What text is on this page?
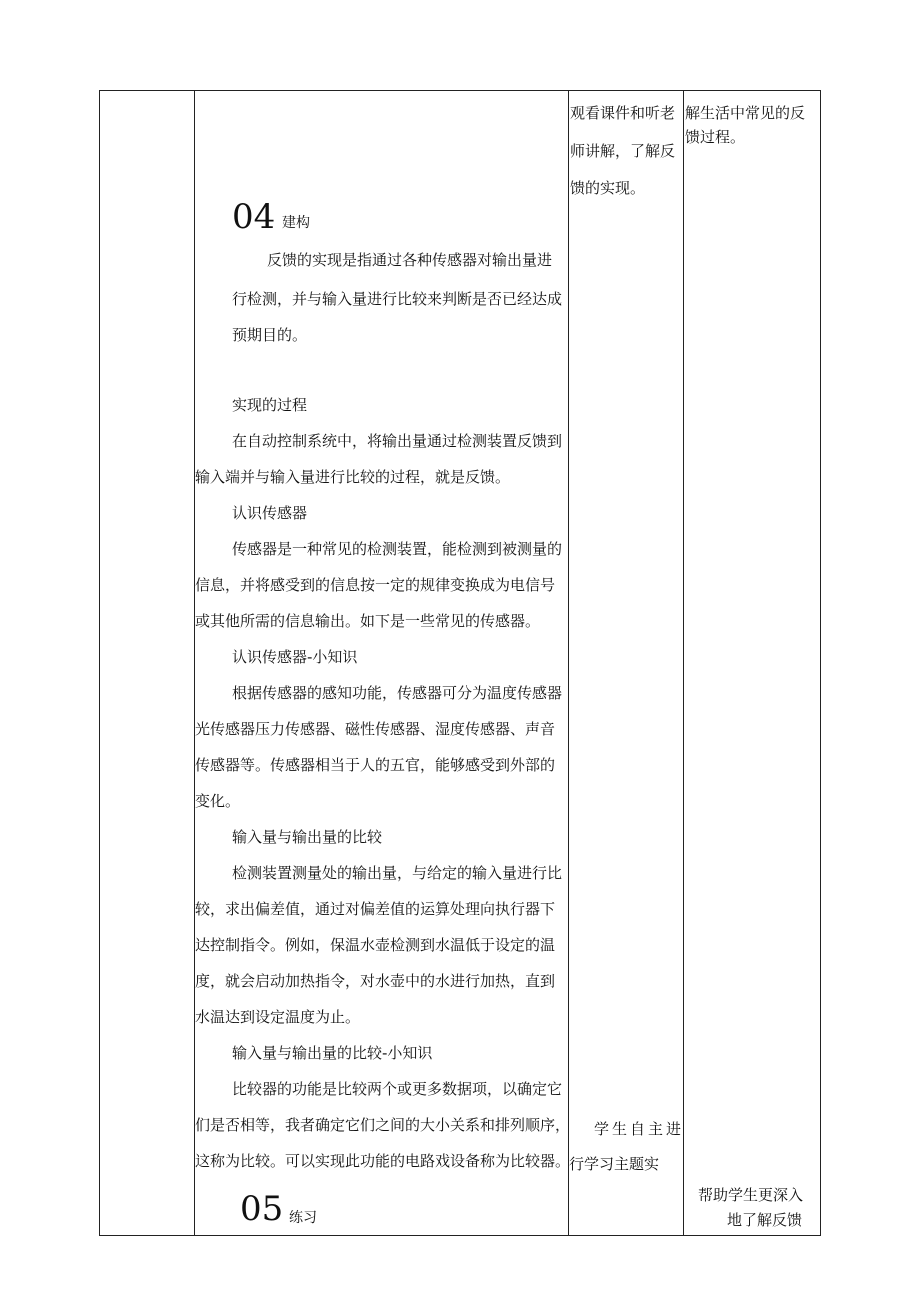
04 建构
反馈的实现是指通过各种传感器对输出量进
行检测，并与输入量进行比较来判断是否已经达成
预期目的。
实现的过程
在自动控制系统中，将输出量通过检测装置反馈到
输入端并与输入量进行比较的过程，就是反馈。
认识传感器
传感器是一种常见的检测装置，能检测到被测量的
信息，并将感受到的信息按一定的规律变换成为电信号
或其他所需的信息输出。如下是一些常见的传感器。
认识传感器-小知识
根据传感器的感知功能，传感器可分为温度传感器
光传感器压力传感器、磁性传感器、湿度传感器、声音
传感器等。传感器相当于人的五官，能够感受到外部的
变化。
输入量与输出量的比较
检测装置测量处的输出量，与给定的输入量进行比
较，求出偏差值，通过对偏差值的运算处理向执行器下
达控制指令。例如，保温水壶检测到水温低于设定的温
度，就会启动加热指令，对水壶中的水进行加热，直到
水温达到设定温度为止。
输入量与输出量的比较-小知识
比较器的功能是比较两个或更多数据项，以确定它
们是否相等，我者确定它们之间的大小关系和排列顺序，
这称为比较。可以实现此功能的电路戏设备称为比较器。
05 练习
观看课件和听老
师讲解，了解反
馈的实现。
学生自主进
行学习主题实
解生活中常见的反
馈过程。
帮助学生更深入
地了解反馈
